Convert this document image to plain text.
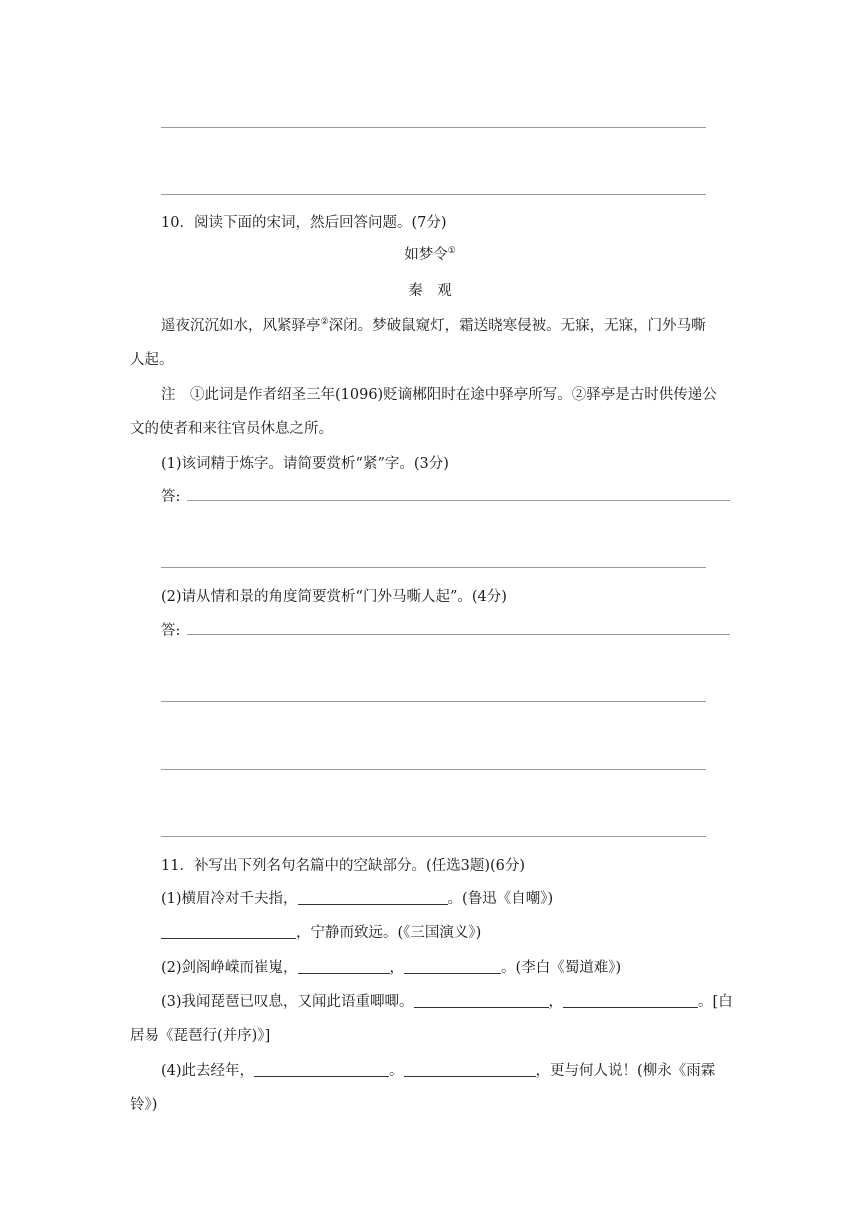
10．阅读下面的宋词，然后回答问题。(7分)
如梦令①
秦　观
遥夜沉沉如水，风紧驿亭②深闭。梦破鼠窥灯，霜送晓寒侵被。无寐，无寐，门外马嘶
人起。
注　①此词是作者绍圣三年(1096)贬谪郴阳时在途中驿亭所写。②驿亭是古时供传递公
文的使者和来往官员休息之所。
(1)该词精于炼字。请简要赏析“紧”字。(3分)
答:
(2)请从情和景的角度简要赏析“门外马嘶人起”。(4分)
答:
11．补写出下列名句名篇中的空缺部分。(任选3题)(6分)
(1)横眉冷对千夫指，	。(鲁迅《自嘲》)
，宁静而致远。(《三国演义》)
(2)剑阁峥嵘而崔嵬，	，	。(李白《蜀道难》)
(3)我闻琵琶已叹息，又闻此语重唧唧。	，	。[白
居易《琵琶行(并序)》]
(4)此去经年，	。	，更与何人说！(柳永《雨霖
铃》)
